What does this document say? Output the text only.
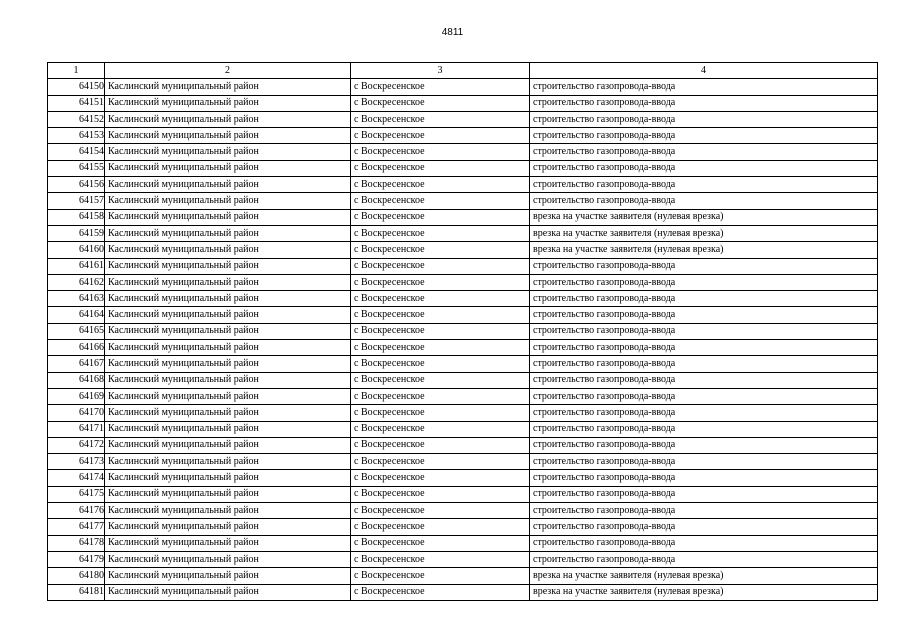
4811
1	2	3	4
64150	Каслинский муниципальный район	с Воскресенское	строительство газопровода-ввода
64151	Каслинский муниципальный район	с Воскресенское	строительство газопровода-ввода
64152	Каслинский муниципальный район	с Воскресенское	строительство газопровода-ввода
64153	Каслинский муниципальный район	с Воскресенское	строительство газопровода-ввода
64154	Каслинский муниципальный район	с Воскресенское	строительство газопровода-ввода
64155	Каслинский муниципальный район	с Воскресенское	строительство газопровода-ввода
64156	Каслинский муниципальный район	с Воскресенское	строительство газопровода-ввода
64157	Каслинский муниципальный район	с Воскресенское	строительство газопровода-ввода
64158	Каслинский муниципальный район	с Воскресенское	врезка на участке заявителя (нулевая врезка)
64159	Каслинский муниципальный район	с Воскресенское	врезка на участке заявителя (нулевая врезка)
64160	Каслинский муниципальный район	с Воскресенское	врезка на участке заявителя (нулевая врезка)
64161	Каслинский муниципальный район	с Воскресенское	строительство газопровода-ввода
64162	Каслинский муниципальный район	с Воскресенское	строительство газопровода-ввода
64163	Каслинский муниципальный район	с Воскресенское	строительство газопровода-ввода
64164	Каслинский муниципальный район	с Воскресенское	строительство газопровода-ввода
64165	Каслинский муниципальный район	с Воскресенское	строительство газопровода-ввода
64166	Каслинский муниципальный район	с Воскресенское	строительство газопровода-ввода
64167	Каслинский муниципальный район	с Воскресенское	строительство газопровода-ввода
64168	Каслинский муниципальный район	с Воскресенское	строительство газопровода-ввода
64169	Каслинский муниципальный район	с Воскресенское	строительство газопровода-ввода
64170	Каслинский муниципальный район	с Воскресенское	строительство газопровода-ввода
64171	Каслинский муниципальный район	с Воскресенское	строительство газопровода-ввода
64172	Каслинский муниципальный район	с Воскресенское	строительство газопровода-ввода
64173	Каслинский муниципальный район	с Воскресенское	строительство газопровода-ввода
64174	Каслинский муниципальный район	с Воскресенское	строительство газопровода-ввода
64175	Каслинский муниципальный район	с Воскресенское	строительство газопровода-ввода
64176	Каслинский муниципальный район	с Воскресенское	строительство газопровода-ввода
64177	Каслинский муниципальный район	с Воскресенское	строительство газопровода-ввода
64178	Каслинский муниципальный район	с Воскресенское	строительство газопровода-ввода
64179	Каслинский муниципальный район	с Воскресенское	строительство газопровода-ввода
64180	Каслинский муниципальный район	с Воскресенское	врезка на участке заявителя (нулевая врезка)
64181	Каслинский муниципальный район	с Воскресенское	врезка на участке заявителя (нулевая врезка)
